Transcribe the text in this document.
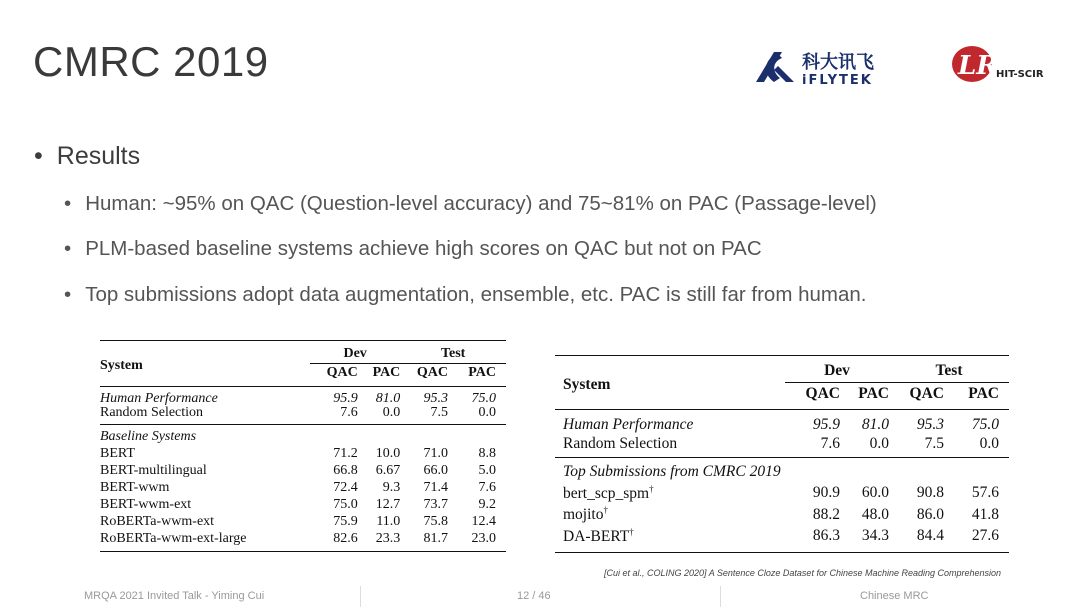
CMRC 2019	科大讯飞
iFLYTEK	LR
HIT-SCIR
• Results
• Human: ~95% on QAC (Question-level accuracy) and 75~81% on PAC (Passage-level)
• PLM-based baseline systems achieve high scores on QAC but not on PAC
• Top submissions adopt data augmentation, ensemble, etc. PAC is still far from human.
System	Dev		Test	
	QAC	PAC	QAC	PAC
Human Performance	95.9	81.0	95.3	75.0
Random Selection	7.6	0.0	7.5	0.0
Baseline Systems				
BERT	71.2	10.0	71.0	8.8
BERT-multilingual	66.8	6.67	66.0	5.0
BERT-wwm	72.4	9.3	71.4	7.6
BERT-wwm-ext	75.0	12.7	73.7	9.2
RoBERTa-wwm-ext	75.9	11.0	75.8	12.4
RoBERTa-wwm-ext-large	82.6	23.3	81.7	23.0
System	Dev		Test	
	QAC	PAC	QAC	PAC
Human Performance	95.9	81.0	95.3	75.0
Random Selection	7.6	0.0	7.5	0.0
Top Submissions from CMRC 2019				
bert_scp_spm†	90.9	60.0	90.8	57.6
mojito†	88.2	48.0	86.0	41.8
DA-BERT†	86.3	34.3	84.4	27.6
[Cui et al., COLING 2020] A Sentence Cloze Dataset for Chinese Machine Reading Comprehension
MRQA 2021 Invited Talk - Yiming Cui	12 / 46	Chinese MRC
